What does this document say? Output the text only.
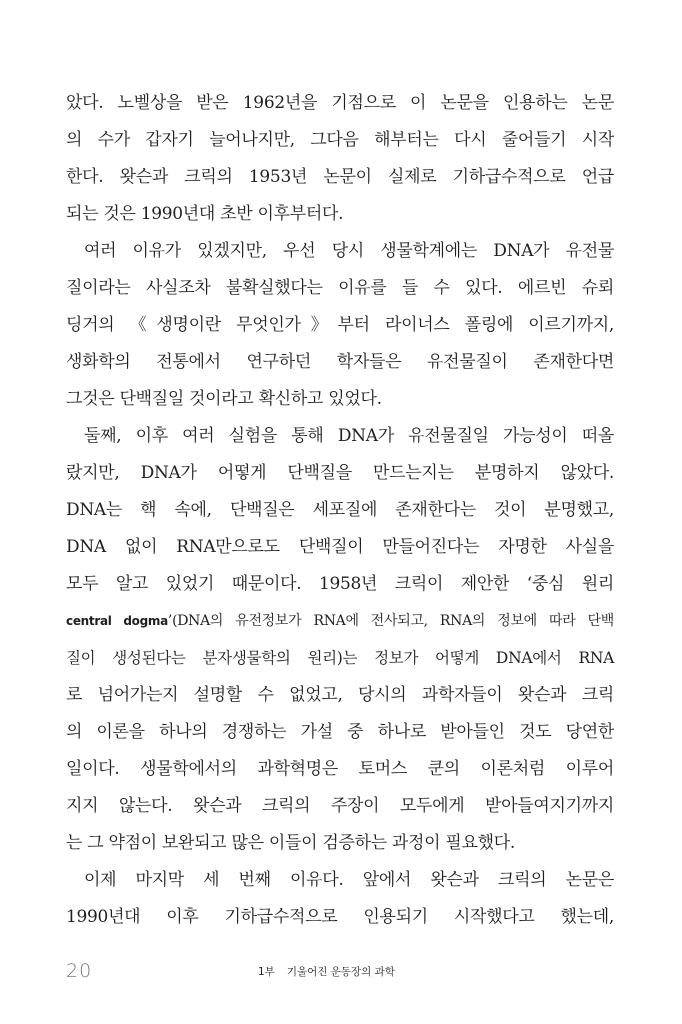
았다. 노벨상을 받은 1962년을 기점으로 이 논문을 인용하는 논문
의 수가 갑자기 늘어나지만, 그다음 해부터는 다시 줄어들기 시작
한다. 왓슨과 크릭의 1953년 논문이 실제로 기하급수적으로 언급
되는 것은 1990년대 초반 이후부터다.
여러 이유가 있겠지만, 우선 당시 생물학계에는 DNA가 유전물
질이라는 사실조차 불확실했다는 이유를 들 수 있다. 에르빈 슈뢰
딩거의 《생명이란 무엇인가》부터 라이너스 폴링에 이르기까지,
생화학의 전통에서 연구하던 학자들은 유전물질이 존재한다면
그것은 단백질일 것이라고 확신하고 있었다.
둘째, 이후 여러 실험을 통해 DNA가 유전물질일 가능성이 떠올
랐지만, DNA가 어떻게 단백질을 만드는지는 분명하지 않았다.
DNA는 핵 속에, 단백질은 세포질에 존재한다는 것이 분명했고,
DNA 없이 RNA만으로도 단백질이 만들어진다는 자명한 사실을
모두 알고 있었기 때문이다. 1958년 크릭이 제안한 ‘중심 원리
central dogma’(DNA의 유전정보가 RNA에 전사되고, RNA의 정보에 따라 단백
질이 생성된다는 분자생물학의 원리)는 정보가 어떻게 DNA에서 RNA
로 넘어가는지 설명할 수 없었고, 당시의 과학자들이 왓슨과 크릭
의 이론을 하나의 경쟁하는 가설 중 하나로 받아들인 것도 당연한
일이다. 생물학에서의 과학혁명은 토머스 쿤의 이론처럼 이루어
지지 않는다. 왓슨과 크릭의 주장이 모두에게 받아들여지기까지
는 그 약점이 보완되고 많은 이들이 검증하는 과정이 필요했다.
이제 마지막 세 번째 이유다. 앞에서 왓슨과 크릭의 논문은
1990년대 이후 기하급수적으로 인용되기 시작했다고 했는데,
20	1부 기울어진 운동장의 과학
